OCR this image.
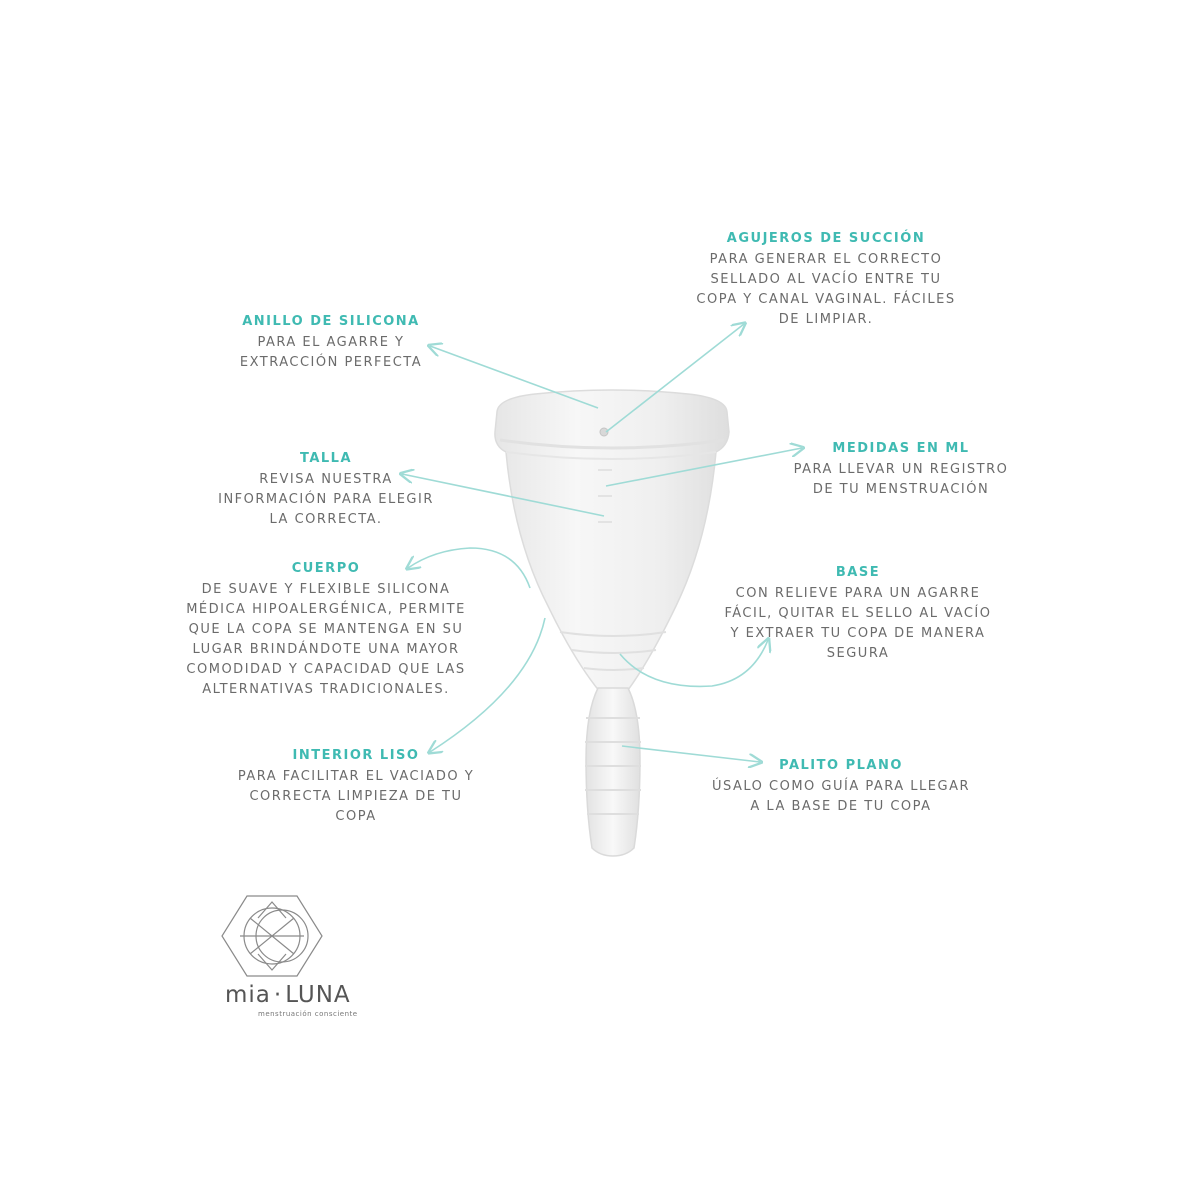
AGUJEROS DE SUCCIÓN
PARA GENERAR EL CORRECTO
SELLADO AL VACÍO ENTRE TU
COPA Y CANAL VAGINAL. FÁCILES
DE LIMPIAR.
ANILLO DE SILICONA
PARA EL AGARRE Y
EXTRACCIÓN PERFECTA
MEDIDAS EN ML
PARA LLEVAR UN REGISTRO
DE TU MENSTRUACIÓN
TALLA
REVISA NUESTRA
INFORMACIÓN PARA ELEGIR
LA CORRECTA.
CUERPO
DE SUAVE Y FLEXIBLE SILICONA
MÉDICA HIPOALERGÉNICA, PERMITE
QUE LA COPA SE MANTENGA EN SU
LUGAR BRINDÁNDOTE UNA MAYOR
COMODIDAD Y CAPACIDAD QUE LAS
ALTERNATIVAS TRADICIONALES.
BASE
CON RELIEVE PARA UN AGARRE
FÁCIL, QUITAR EL SELLO AL VACÍO
Y EXTRAER TU COPA DE MANERA
SEGURA
INTERIOR LISO
PARA FACILITAR EL VACIADO Y
CORRECTA LIMPIEZA DE TU
COPA
PALITO PLANO
ÚSALO COMO GUÍA PARA LLEGAR
A LA BASE DE TU COPA
mia · LUNA
menstruación consciente
